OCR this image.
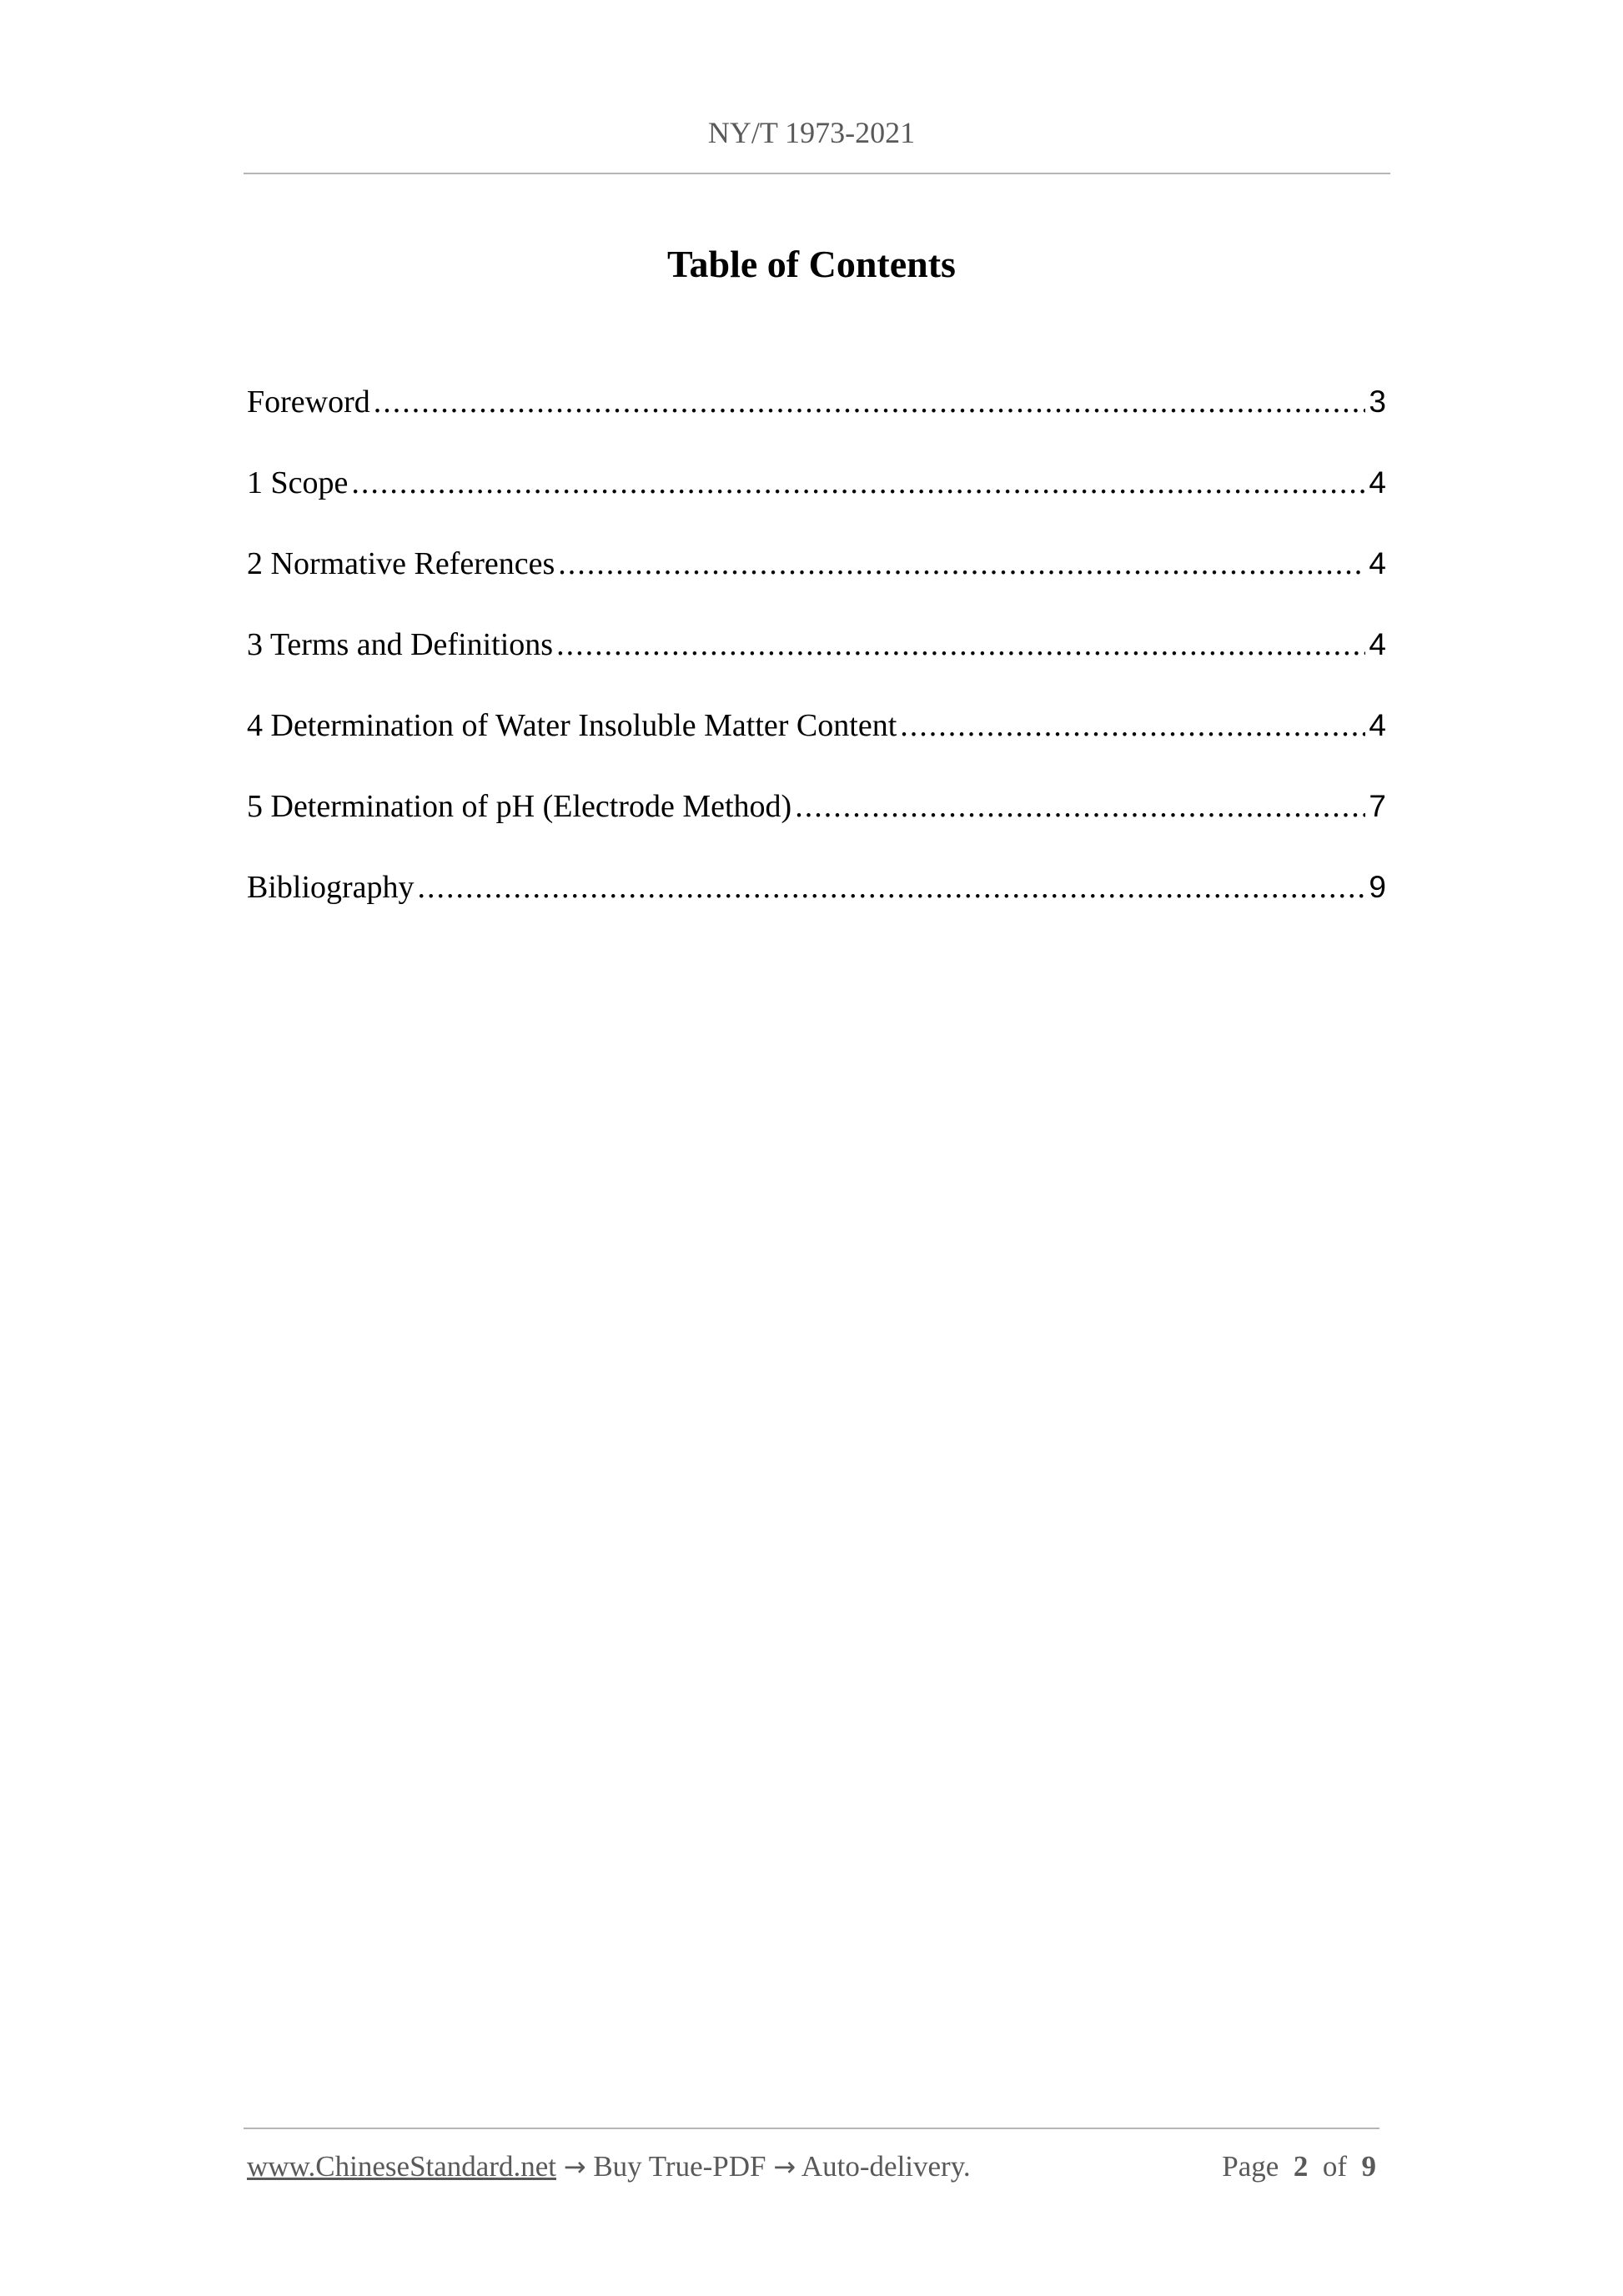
NY/T 1973-2021
Table of Contents
Foreword .....	3
1 Scope .....	4
2 Normative References .....	4
3 Terms and Definitions .....	4
4 Determination of Water Insoluble Matter Content .....	4
5 Determination of pH (Electrode Method) .....	7
Bibliography .....	9
www.ChineseStandard.net → Buy True-PDF → Auto-delivery.	Page 2 of 9
